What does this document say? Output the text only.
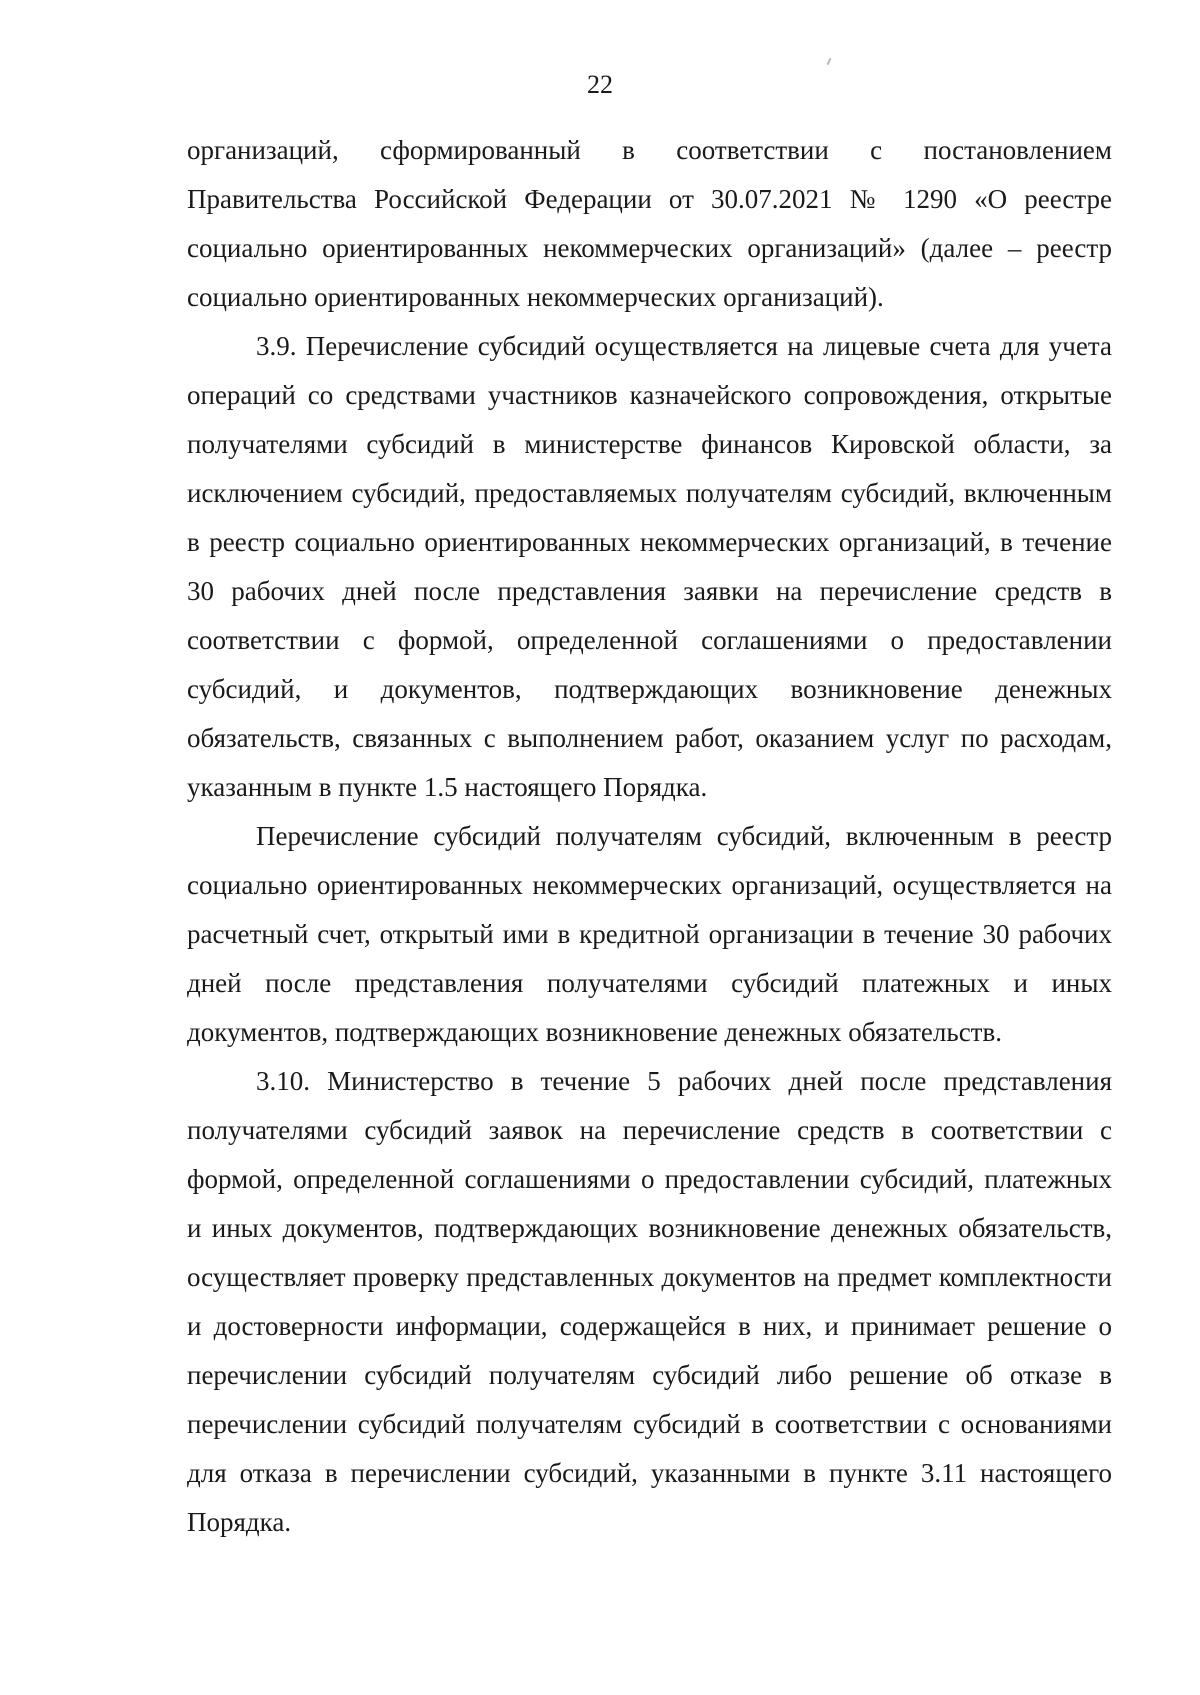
22

организаций, сформированный в соответствии с постановлением Правительства Российской Федерации от 30.07.2021 № 1290 «О реестре социально ориентированных некоммерческих организаций» (далее – реестр социально ориентированных некоммерческих организаций).

3.9. Перечисление субсидий осуществляется на лицевые счета для учета операций со средствами участников казначейского сопровождения, открытые получателями субсидий в министерстве финансов Кировской области, за исключением субсидий, предоставляемых получателям субсидий, включенным в реестр социально ориентированных некоммерческих организаций, в течение 30 рабочих дней после представления заявки на перечисление средств в соответствии с формой, определенной соглашениями о предоставлении субсидий, и документов, подтверждающих возникновение денежных обязательств, связанных с выполнением работ, оказанием услуг по расходам, указанным в пункте 1.5 настоящего Порядка.

Перечисление субсидий получателям субсидий, включенным в реестр социально ориентированных некоммерческих организаций, осуществляется на расчетный счет, открытый ими в кредитной организации в течение 30 рабочих дней после представления получателями субсидий платежных и иных документов, подтверждающих возникновение денежных обязательств.

3.10. Министерство в течение 5 рабочих дней после представления получателями субсидий заявок на перечисление средств в соответствии с формой, определенной соглашениями о предоставлении субсидий, платежных и иных документов, подтверждающих возникновение денежных обязательств, осуществляет проверку представленных документов на предмет комплектности и достоверности информации, содержащейся в них, и принимает решение о перечислении субсидий получателям субсидий либо решение об отказе в перечислении субсидий получателям субсидий в соответствии с основаниями для отказа в перечислении субсидий, указанными в пункте 3.11 настоящего Порядка.
